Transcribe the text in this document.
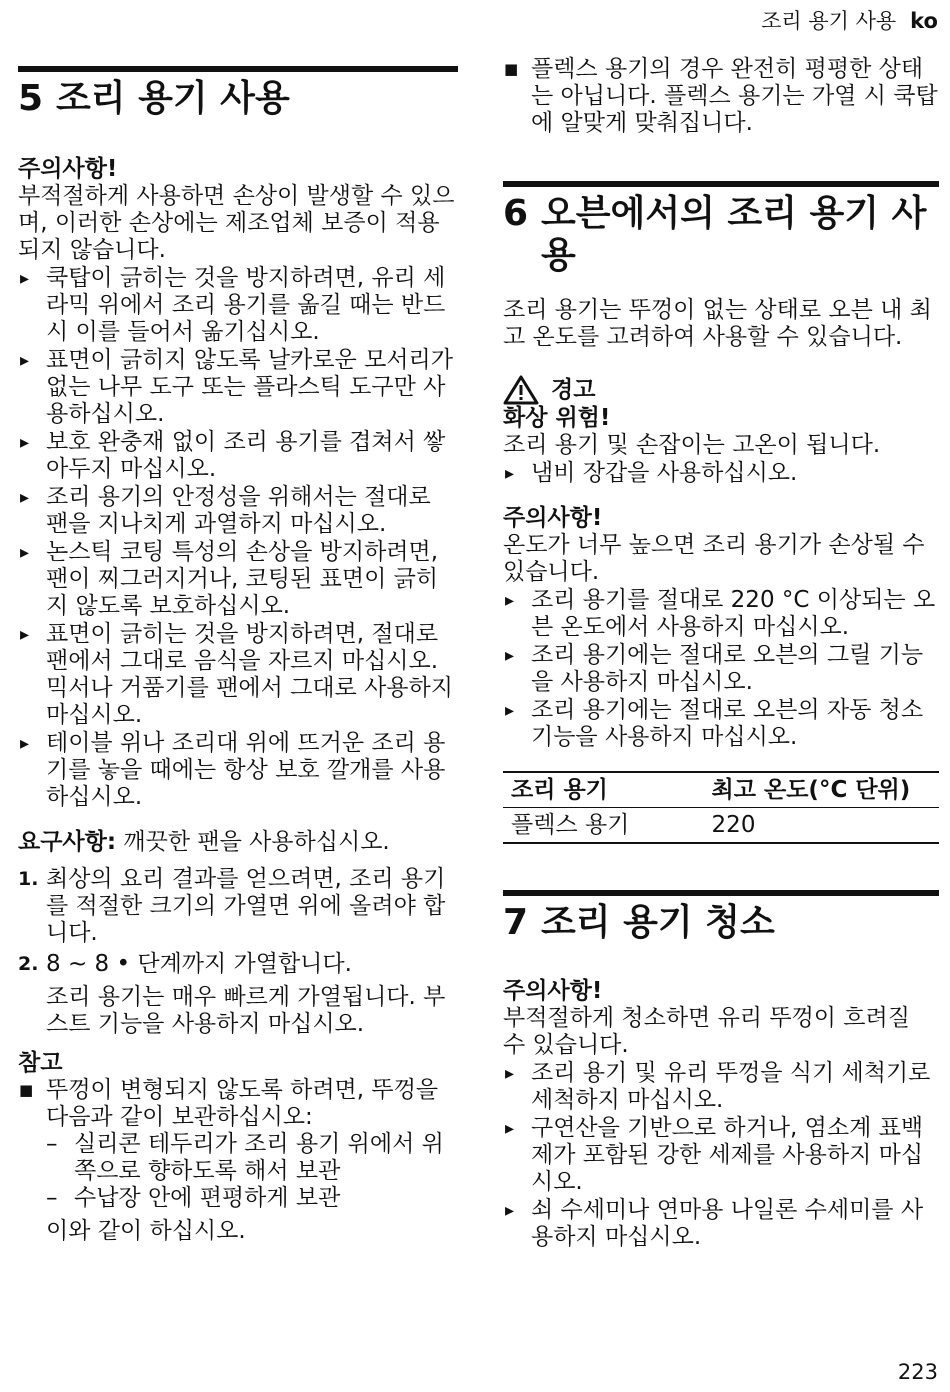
조리 용기 사용 ko
5 조리 용기 사용
주의사항!

부적절하게 사용하면 손상이 발생할 수 있으며, 이러한 손상에는 제조업체 보증이 적용되지 않습니다.

▸ 쿡탑이 긁히는 것을 방지하려면, 유리 세라믹 위에서 조리 용기를 옮길 때는 반드시 이를 들어서 옮기십시오.
▸ 표면이 긁히지 않도록 날카로운 모서리가 없는 나무 도구 또는 플라스틱 도구만 사용하십시오.
▸ 보호 완충재 없이 조리 용기를 겹쳐서 쌓아두지 마십시오.
▸ 조리 용기의 안정성을 위해서는 절대로 팬을 지나치게 과열하지 마십시오.
▸ 논스틱 코팅 특성의 손상을 방지하려면, 팬이 찌그러지거나, 코팅된 표면이 긁히지 않도록 보호하십시오.
▸ 표면이 긁히는 것을 방지하려면, 절대로 팬에서 그대로 음식을 자르지 마십시오. 믹서나 거품기를 팬에서 그대로 사용하지 마십시오.
▸ 테이블 위나 조리대 위에 뜨거운 조리 용기를 놓을 때에는 항상 보호 깔개를 사용하십시오.

요구사항: 깨끗한 팬을 사용하십시오.

1. 최상의 요리 결과를 얻으려면, 조리 용기를 적절한 크기의 가열면 위에 올려야 합니다.
2. 8 ~ 8 • 단계까지 가열합니다.

조리 용기는 매우 빠르게 가열됩니다. 부스트 기능을 사용하지 마십시오.

참고
■ 뚜껑이 변형되지 않도록 하려면, 뚜껑을 다음과 같이 보관하십시오:
– 실리콘 테두리가 조리 용기 위에서 위쪽으로 향하도록 해서 보관
– 수납장 안에 편평하게 보관

이와 같이 하십시오.

■ 플렉스 용기의 경우 완전히 평평한 상태는 아닙니다. 플렉스 용기는 가열 시 쿡탑에 알맞게 맞춰집니다.
6 오븐에서의 조리 용기 사용

조리 용기는 뚜껑이 없는 상태로 오븐 내 최고 온도를 고려하여 사용할 수 있습니다.

경고
화상 위험!

조리 용기 및 손잡이는 고온이 됩니다.

▸ 냄비 장갑을 사용하십시오.
주의사항!

온도가 너무 높으면 조리 용기가 손상될 수 있습니다.

▸ 조리 용기를 절대로 220 °C 이상되는 오븐 온도에서 사용하지 마십시오.
▸ 조리 용기에는 절대로 오븐의 그릴 기능을 사용하지 마십시오.
▸ 조리 용기에는 절대로 오븐의 자동 청소 기능을 사용하지 마십시오.
조리 용기	최고 온도(°C 단위)
플렉스 용기	220
7 조리 용기 청소
주의사항!

부적절하게 청소하면 유리 뚜껑이 흐려질 수 있습니다.

▸ 조리 용기 및 유리 뚜껑을 식기 세척기로 세척하지 마십시오.
▸ 구연산을 기반으로 하거나, 염소계 표백제가 포함된 강한 세제를 사용하지 마십시오.
▸ 쇠 수세미나 연마용 나일론 수세미를 사용하지 마십시오.
223
